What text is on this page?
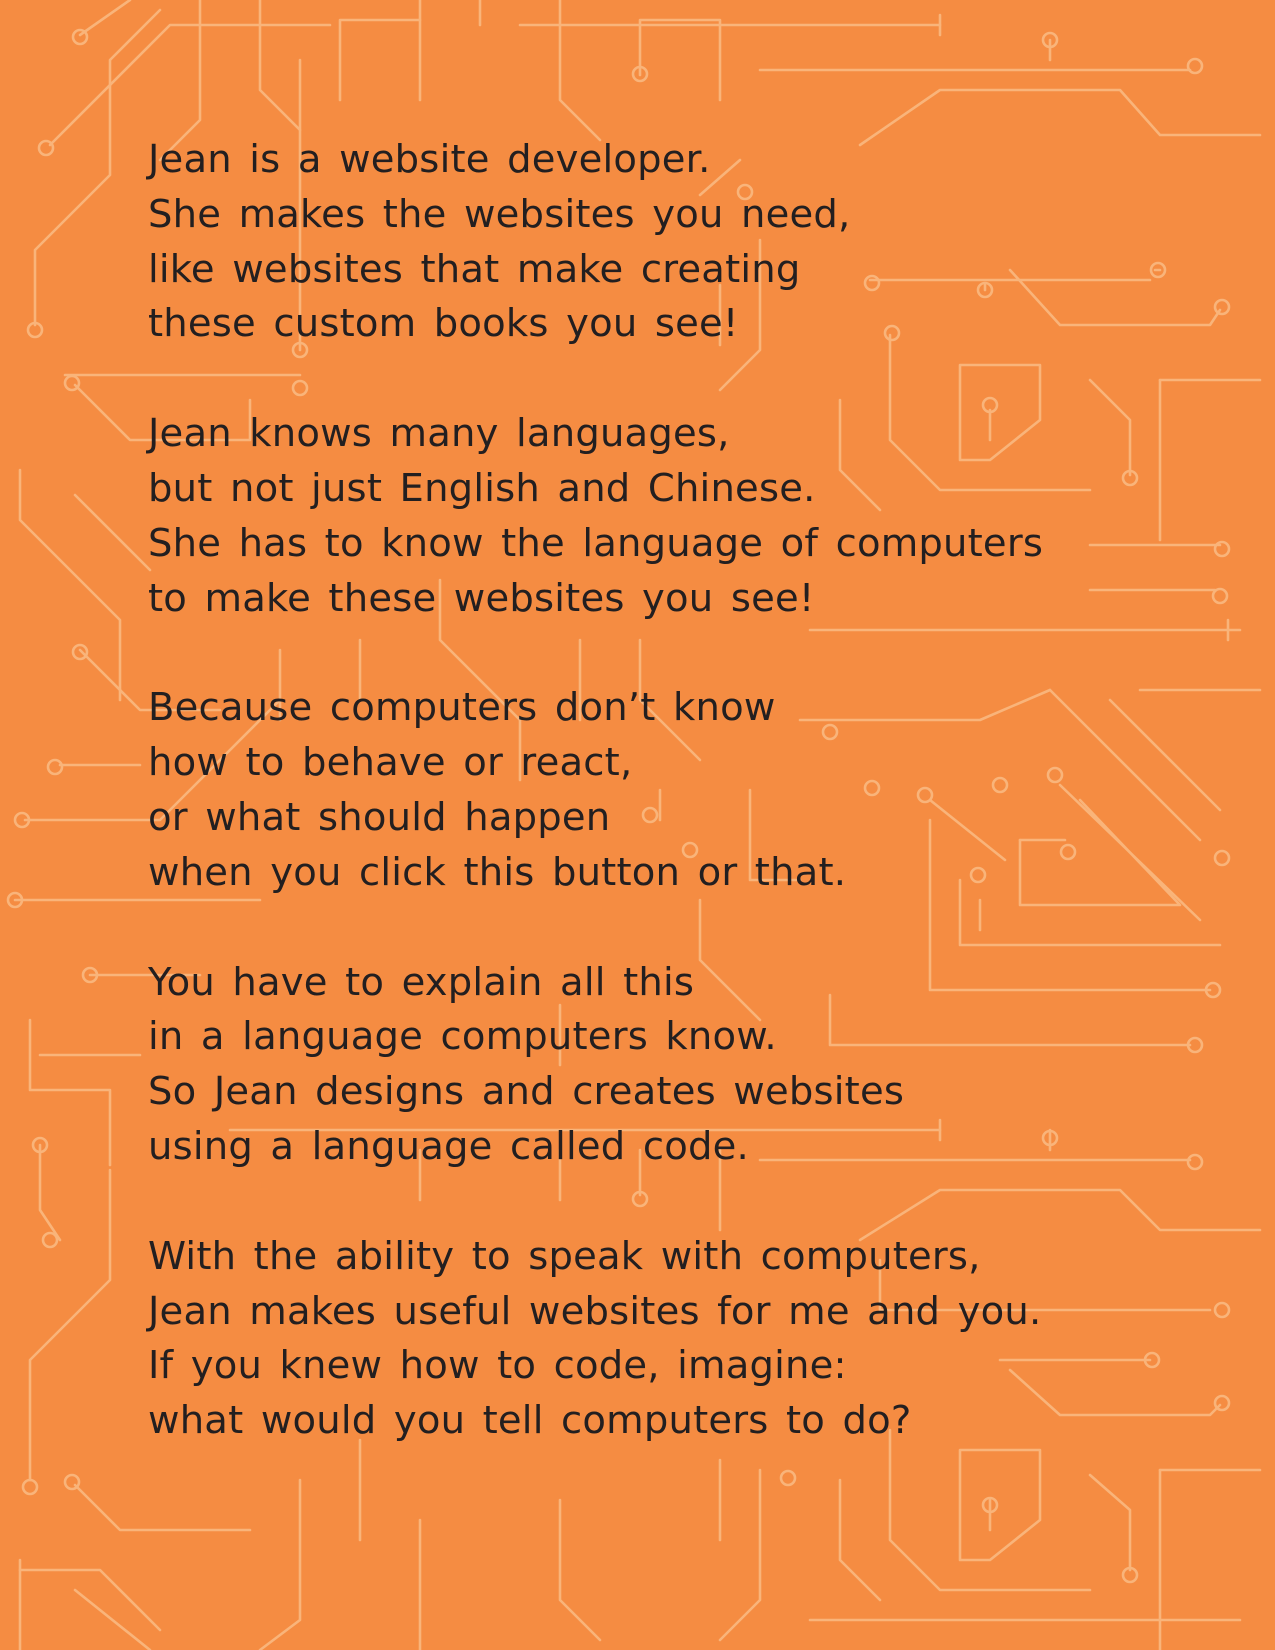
Jean is a website developer.
She makes the websites you need,
like websites that make creating
these custom books you see!
Jean knows many languages,
but not just English and Chinese.
She has to know the language of computers
to make these websites you see!
Because computers don’t know
how to behave or react,
or what should happen
when you click this button or that.
You have to explain all this
in a language computers know.
So Jean designs and creates websites
using a language called code.
With the ability to speak with computers,
Jean makes useful websites for me and you.
If you knew how to code, imagine:
what would you tell computers to do?
